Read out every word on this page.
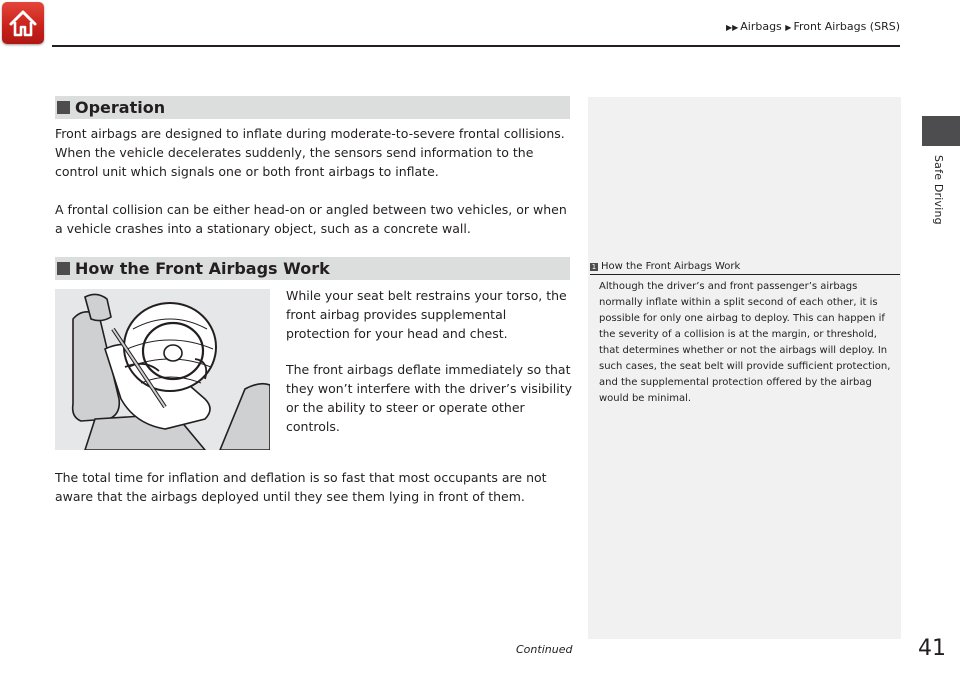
▶▶ Airbags ▶ Front Airbags (SRS)
Safe Driving
Operation

Front airbags are designed to inflate during moderate-to-severe frontal collisions. When the vehicle decelerates suddenly, the sensors send information to the control unit which signals one or both front airbags to inflate.

A frontal collision can be either head-on or angled between two vehicles, or when a vehicle crashes into a stationary object, such as a concrete wall.

How the Front Airbags Work

While your seat belt restrains your torso, the front airbag provides supplemental protection for your head and chest.

The front airbags deflate immediately so that they won’t interfere with the driver’s visibility or the ability to steer or operate other controls.

The total time for inflation and deflation is so fast that most occupants are not aware that the airbags deployed until they see them lying in front of them.

1 How the Front Airbags Work

Although the driver’s and front passenger’s airbags normally inflate within a split second of each other, it is possible for only one airbag to deploy. This can happen if the severity of a collision is at the margin, or threshold, that determines whether or not the airbags will deploy. In such cases, the seat belt will provide sufficient protection, and the supplemental protection offered by the airbag would be minimal.

Continued	41
